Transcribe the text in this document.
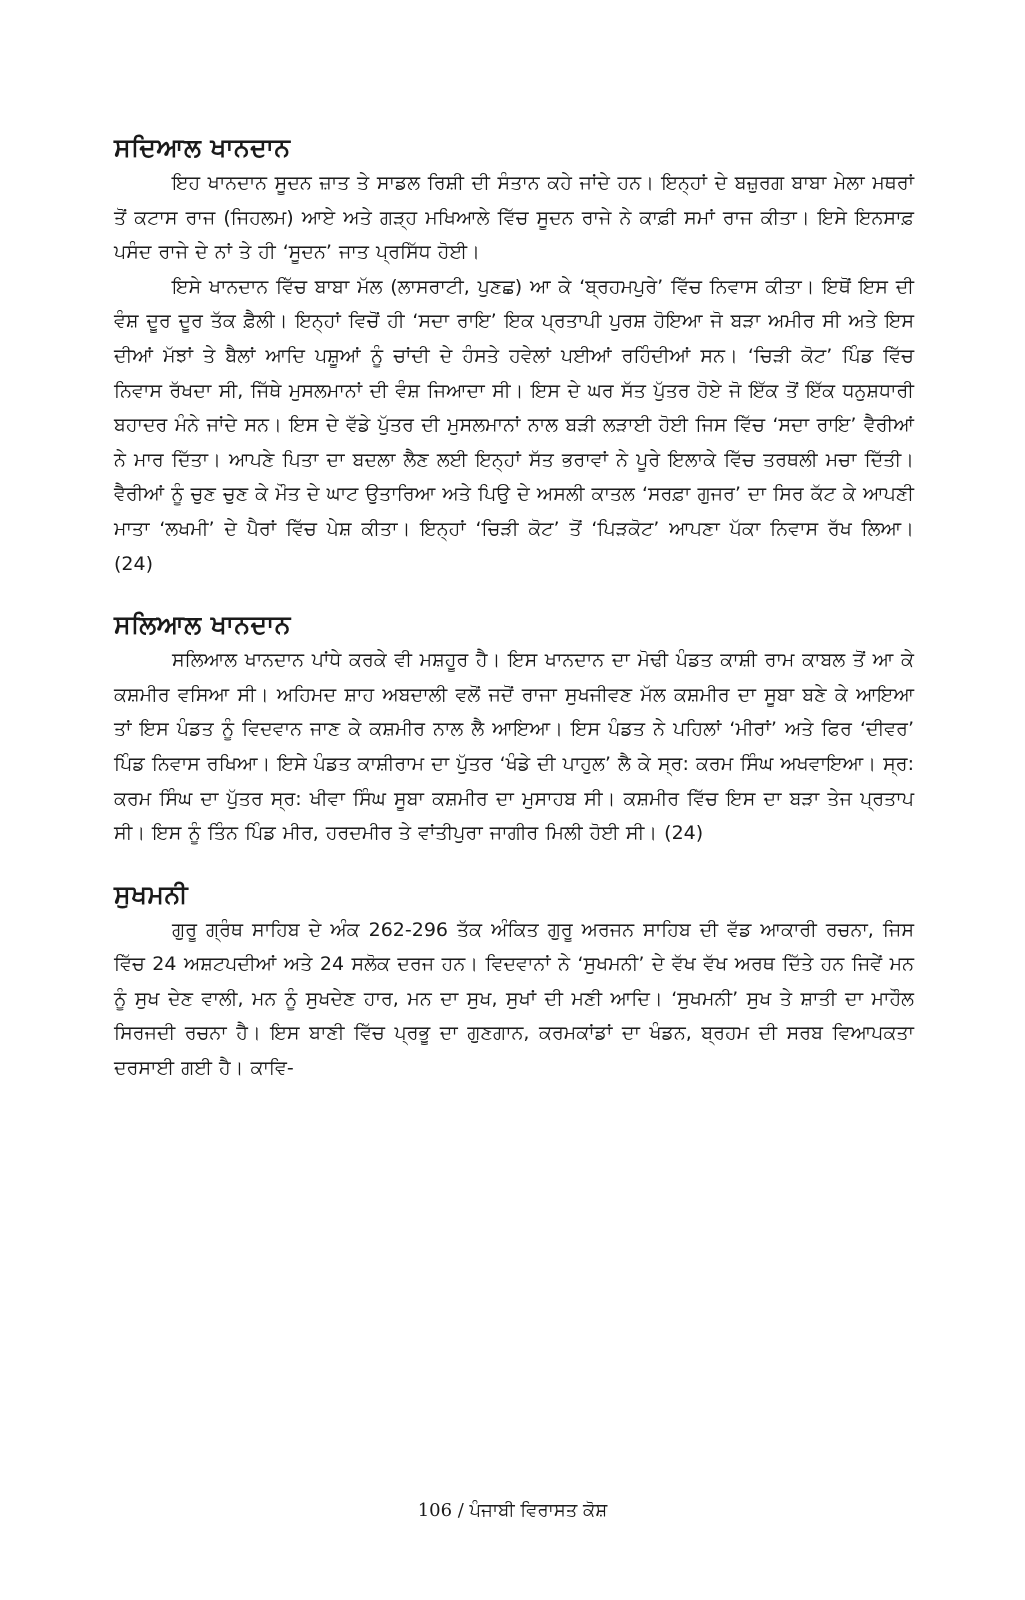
ਸਦਿਆਲ ਖਾਨਦਾਨ

ਇਹ ਖਾਨਦਾਨ ਸੂਦਨ ਜ਼ਾਤ ਤੇ ਸਾਡਲ ਰਿਸ਼ੀ ਦੀ ਸੰਤਾਨ ਕਹੇ ਜਾਂਦੇ ਹਨ। ਇਨ੍ਹਾਂ ਦੇ ਬਜ਼ੁਰਗ ਬਾਬਾ ਮੇਲਾ ਮਥਰਾਂ ਤੋਂ ਕਟਾਸ ਰਾਜ (ਜਿਹਲਮ) ਆਏ ਅਤੇ ਗੜ੍ਹ ਮਖਿਆਲੇ ਵਿੱਚ ਸੂਦਨ ਰਾਜੇ ਨੇ ਕਾਫ਼ੀ ਸਮਾਂ ਰਾਜ ਕੀਤਾ। ਇਸੇ ਇਨਸਾਫ਼ ਪਸੰਦ ਰਾਜੇ ਦੇ ਨਾਂ ਤੇ ਹੀ ‘ਸੂਦਨ’ ਜਾਤ ਪ੍ਰਸਿੱਧ ਹੋਈ।

ਇਸੇ ਖਾਨਦਾਨ ਵਿੱਚ ਬਾਬਾ ਮੱਲ (ਲਾਸਰਾਟੀ, ਪੁਣਛ) ਆ ਕੇ ‘ਬ੍ਰਹਮਪੁਰੇ’ ਵਿੱਚ ਨਿਵਾਸ ਕੀਤਾ। ਇਥੋਂ ਇਸ ਦੀ ਵੰਸ਼ ਦੂਰ ਦੂਰ ਤੱਕ ਫ਼ੈਲੀ। ਇਨ੍ਹਾਂ ਵਿਚੋਂ ਹੀ ‘ਸਦਾ ਰਾਇ’ ਇਕ ਪ੍ਰਤਾਪੀ ਪੁਰਸ਼ ਹੋਇਆ ਜੋ ਬੜਾ ਅਮੀਰ ਸੀ ਅਤੇ ਇਸ ਦੀਆਂ ਮੱਝਾਂ ਤੇ ਬੈਲਾਂ ਆਦਿ ਪਸ਼ੂਆਂ ਨੂੰ ਚਾਂਦੀ ਦੇ ਹੰਸਤੇ ਹਵੇਲਾਂ ਪਈਆਂ ਰਹਿੰਦੀਆਂ ਸਨ। ‘ਚਿੜੀ ਕੋਟ’ ਪਿੰਡ ਵਿੱਚ ਨਿਵਾਸ ਰੱਖਦਾ ਸੀ, ਜਿੱਥੇ ਮੁਸਲਮਾਨਾਂ ਦੀ ਵੰਸ਼ ਜਿਆਦਾ ਸੀ। ਇਸ ਦੇ ਘਰ ਸੱਤ ਪੁੱਤਰ ਹੋਏ ਜੋ ਇੱਕ ਤੋਂ ਇੱਕ ਧਨੁਸ਼ਧਾਰੀ ਬਹਾਦਰ ਮੰਨੇ ਜਾਂਦੇ ਸਨ। ਇਸ ਦੇ ਵੱਡੇ ਪੁੱਤਰ ਦੀ ਮੁਸਲਮਾਨਾਂ ਨਾਲ ਬੜੀ ਲੜਾਈ ਹੋਈ ਜਿਸ ਵਿੱਚ ‘ਸਦਾ ਰਾਇ’ ਵੈਰੀਆਂ ਨੇ ਮਾਰ ਦਿੱਤਾ। ਆਪਣੇ ਪਿਤਾ ਦਾ ਬਦਲਾ ਲੈਣ ਲਈ ਇਨ੍ਹਾਂ ਸੱਤ ਭਰਾਵਾਂ ਨੇ ਪੂਰੇ ਇਲਾਕੇ ਵਿੱਚ ਤਰਥਲੀ ਮਚਾ ਦਿੱਤੀ। ਵੈਰੀਆਂ ਨੂੰ ਚੁਣ ਚੁਣ ਕੇ ਮੌਤ ਦੇ ਘਾਟ ਉਤਾਰਿਆ ਅਤੇ ਪਿਉ ਦੇ ਅਸਲੀ ਕਾਤਲ ‘ਸਰਫ਼ਾ ਗੁਜਰ’ ਦਾ ਸਿਰ ਕੱਟ ਕੇ ਆਪਣੀ ਮਾਤਾ ‘ਲਖਮੀ’ ਦੇ ਪੈਰਾਂ ਵਿੱਚ ਪੇਸ਼ ਕੀਤਾ। ਇਨ੍ਹਾਂ ‘ਚਿੜੀ ਕੋਟ’ ਤੋਂ ‘ਪਿੜਕੋਟ’ ਆਪਣਾ ਪੱਕਾ ਨਿਵਾਸ ਰੱਖ ਲਿਆ। (24)

ਸਲਿਆਲ ਖਾਨਦਾਨ

ਸਲਿਆਲ ਖਾਨਦਾਨ ਪਾਂਧੇ ਕਰਕੇ ਵੀ ਮਸ਼ਹੂਰ ਹੈ। ਇਸ ਖਾਨਦਾਨ ਦਾ ਮੋਢੀ ਪੰਡਤ ਕਾਸ਼ੀ ਰਾਮ ਕਾਬਲ ਤੋਂ ਆ ਕੇ ਕਸ਼ਮੀਰ ਵਸਿਆ ਸੀ। ਅਹਿਮਦ ਸ਼ਾਹ ਅਬਦਾਲੀ ਵਲੋਂ ਜਦੋਂ ਰਾਜਾ ਸੁਖਜੀਵਣ ਮੱਲ ਕਸ਼ਮੀਰ ਦਾ ਸੂਬਾ ਬਣੇ ਕੇ ਆਇਆ ਤਾਂ ਇਸ ਪੰਡਤ ਨੂੰ ਵਿਦਵਾਨ ਜਾਣ ਕੇ ਕਸ਼ਮੀਰ ਨਾਲ ਲੈ ਆਇਆ। ਇਸ ਪੰਡਤ ਨੇ ਪਹਿਲਾਂ ‘ਮੀਰਾਂ’ ਅਤੇ ਫਿਰ ‘ਦੀਵਰ’ ਪਿੰਡ ਨਿਵਾਸ ਰਖਿਆ। ਇਸੇ ਪੰਡਤ ਕਾਸ਼ੀਰਾਮ ਦਾ ਪੁੱਤਰ ‘ਖੰਡੇ ਦੀ ਪਾਹੁਲ’ ਲੈ ਕੇ ਸ੍ਰ: ਕਰਮ ਸਿੰਘ ਅਖਵਾਇਆ। ਸ੍ਰ: ਕਰਮ ਸਿੰਘ ਦਾ ਪੁੱਤਰ ਸ੍ਰ: ਖੀਵਾ ਸਿੰਘ ਸੂਬਾ ਕਸ਼ਮੀਰ ਦਾ ਮੁਸਾਹਬ ਸੀ। ਕਸ਼ਮੀਰ ਵਿੱਚ ਇਸ ਦਾ ਬੜਾ ਤੇਜ ਪ੍ਰਤਾਪ ਸੀ। ਇਸ ਨੂੰ ਤਿੰਨ ਪਿੰਡ ਮੀਰ, ਹਰਦਮੀਰ ਤੇ ਵਾਂਤੀਪੁਰਾ ਜਾਗੀਰ ਮਿਲੀ ਹੋਈ ਸੀ। (24)

ਸੁਖਮਨੀ

ਗੁਰੂ ਗ੍ਰੰਥ ਸਾਹਿਬ ਦੇ ਅੰਕ 262-296 ਤੱਕ ਅੰਕਿਤ ਗੁਰੂ ਅਰਜਨ ਸਾਹਿਬ ਦੀ ਵੱਡ ਆਕਾਰੀ ਰਚਨਾ, ਜਿਸ ਵਿੱਚ 24 ਅਸ਼ਟਪਦੀਆਂ ਅਤੇ 24 ਸਲੋਕ ਦਰਜ ਹਨ। ਵਿਦਵਾਨਾਂ ਨੇ ‘ਸੁਖਮਨੀ’ ਦੇ ਵੱਖ ਵੱਖ ਅਰਥ ਦਿੱਤੇ ਹਨ ਜਿਵੇਂ ਮਨ ਨੂੰ ਸੁਖ ਦੇਣ ਵਾਲੀ, ਮਨ ਨੂੰ ਸੁਖਦੇਣ ਹਾਰ, ਮਨ ਦਾ ਸੁਖ, ਸੁਖਾਂ ਦੀ ਮਣੀ ਆਦਿ। ‘ਸੁਖਮਨੀ’ ਸੁਖ ਤੇ ਸ਼ਾਤੀ ਦਾ ਮਾਹੌਲ ਸਿਰਜਦੀ ਰਚਨਾ ਹੈ। ਇਸ ਬਾਣੀ ਵਿੱਚ ਪ੍ਰਭੂ ਦਾ ਗੁਣਗਾਨ, ਕਰਮਕਾਂਡਾਂ ਦਾ ਖੰਡਨ, ਬ੍ਰਹਮ ਦੀ ਸਰਬ ਵਿਆਪਕਤਾ ਦਰਸਾਈ ਗਈ ਹੈ। ਕਾਵਿ-

106 / ਪੰਜਾਬੀ ਵਿਰਾਸਤ ਕੋਸ਼
